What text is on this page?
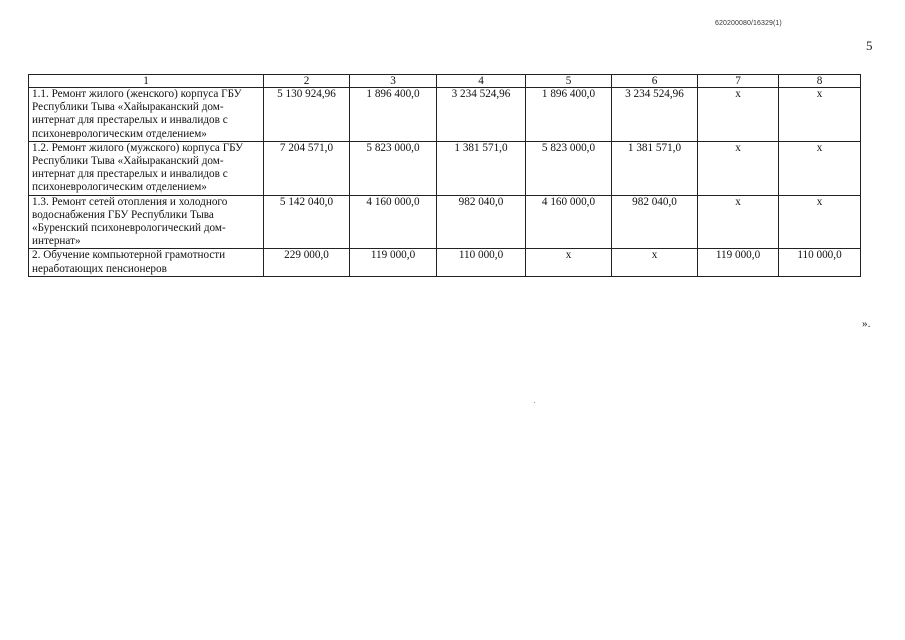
620200080/16329(1)
5
1	2	3	4	5	6	7	8
1.1. Ремонт жилого (женского) корпуса ГБУ Республики Тыва «Хайыраканский дом-интернат для престарелых и инвалидов с психоневрологическим отделением»	5 130 924,96	1 896 400,0	3 234 524,96	1 896 400,0	3 234 524,96	х	х
1.2. Ремонт жилого (мужского) корпуса ГБУ Республики Тыва «Хайыраканский дом-интернат для престарелых и инвалидов с психоневрологическим отделением»	7 204 571,0	5 823 000,0	1 381 571,0	5 823 000,0	1 381 571,0	х	х
1.3. Ремонт сетей отопления и холодного водоснабжения ГБУ Республики Тыва «Буренский психоневрологический дом-интернат»	5 142 040,0	4 160 000,0	982 040,0	4 160 000,0	982 040,0	х	х
2. Обучение компьютерной грамотности неработающих пенсионеров	229 000,0	119 000,0	110 000,0	х	х	119 000,0	110 000,0
».
